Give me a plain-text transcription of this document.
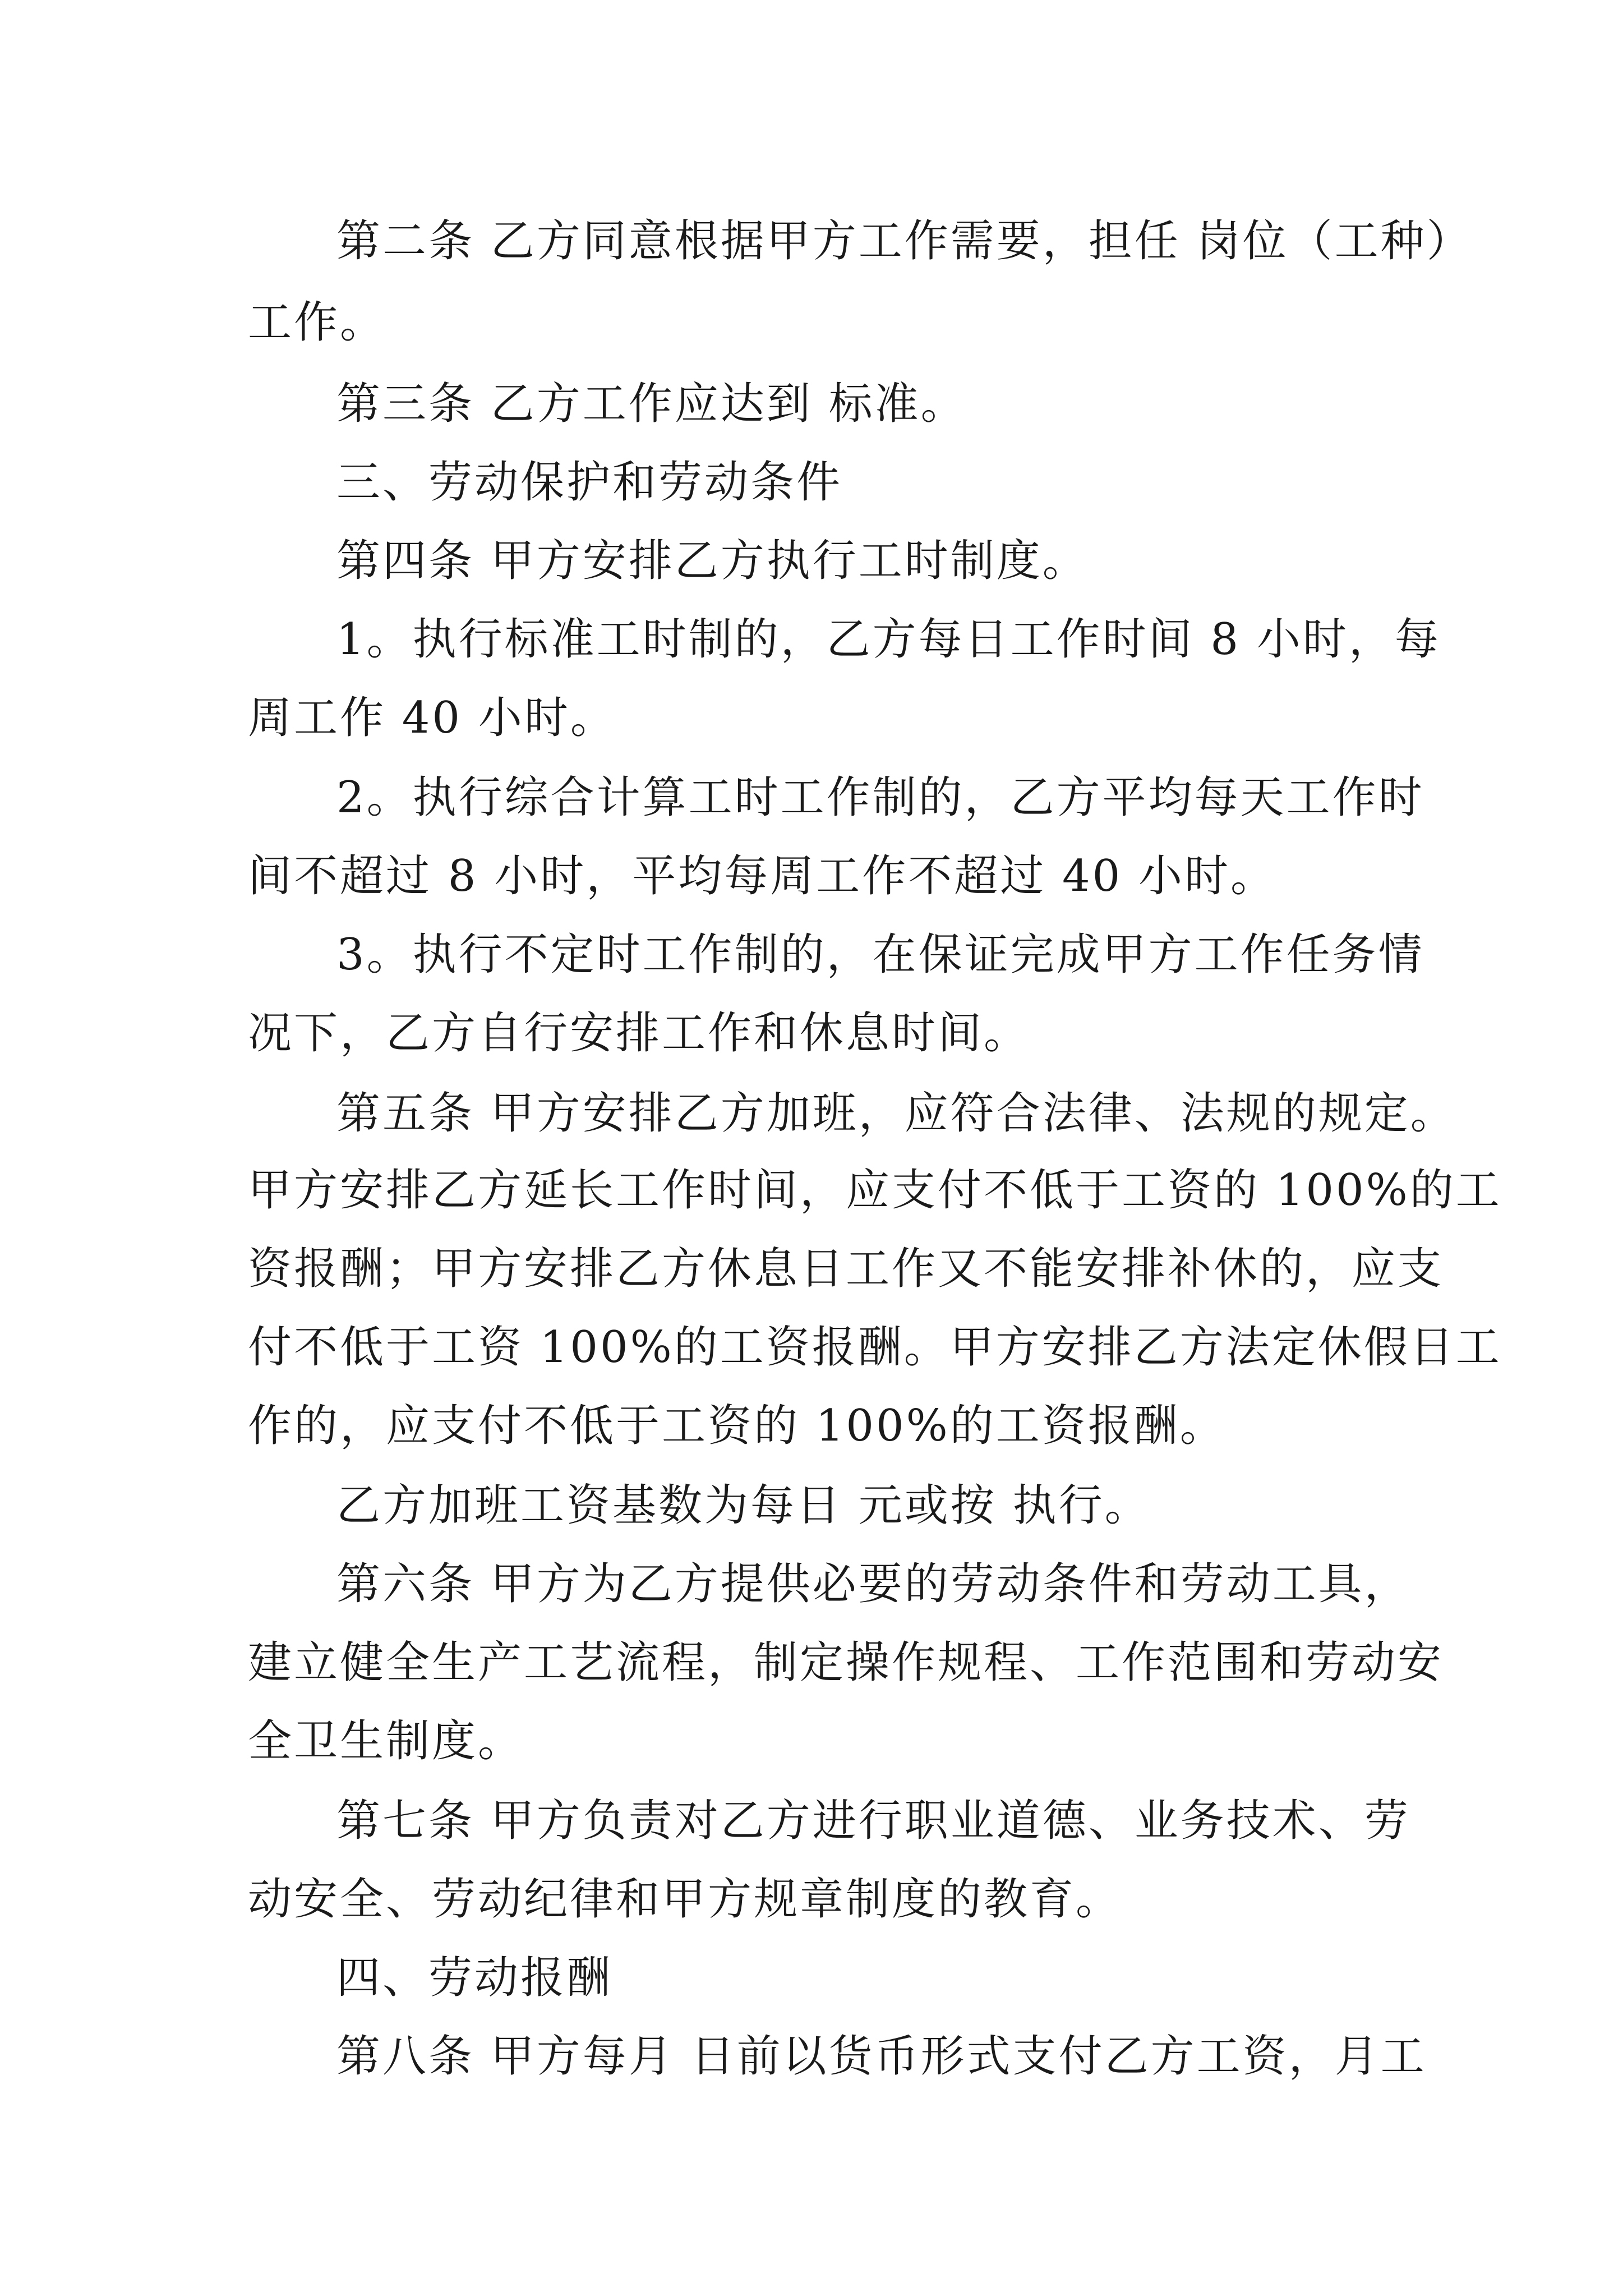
第二条 乙方同意根据甲方工作需要，担任 岗位（工种）
工作。
第三条 乙方工作应达到 标准。
三、劳动保护和劳动条件
第四条 甲方安排乙方执行工时制度。
1。执行标准工时制的，乙方每日工作时间 8 小时，每
周工作 40 小时。
2。执行综合计算工时工作制的，乙方平均每天工作时
间不超过 8 小时，平均每周工作不超过 40 小时。
3。执行不定时工作制的，在保证完成甲方工作任务情
况下，乙方自行安排工作和休息时间。
第五条 甲方安排乙方加班，应符合法律、法规的规定。
甲方安排乙方延长工作时间，应支付不低于工资的 100%的工
资报酬；甲方安排乙方休息日工作又不能安排补休的，应支
付不低于工资 100%的工资报酬。甲方安排乙方法定休假日工
作的，应支付不低于工资的 100%的工资报酬。
乙方加班工资基数为每日 元或按 执行。
第六条 甲方为乙方提供必要的劳动条件和劳动工具，
建立健全生产工艺流程，制定操作规程、工作范围和劳动安
全卫生制度。
第七条 甲方负责对乙方进行职业道德、业务技术、劳
动安全、劳动纪律和甲方规章制度的教育。
四、劳动报酬
第八条 甲方每月 日前以货币形式支付乙方工资，月工
